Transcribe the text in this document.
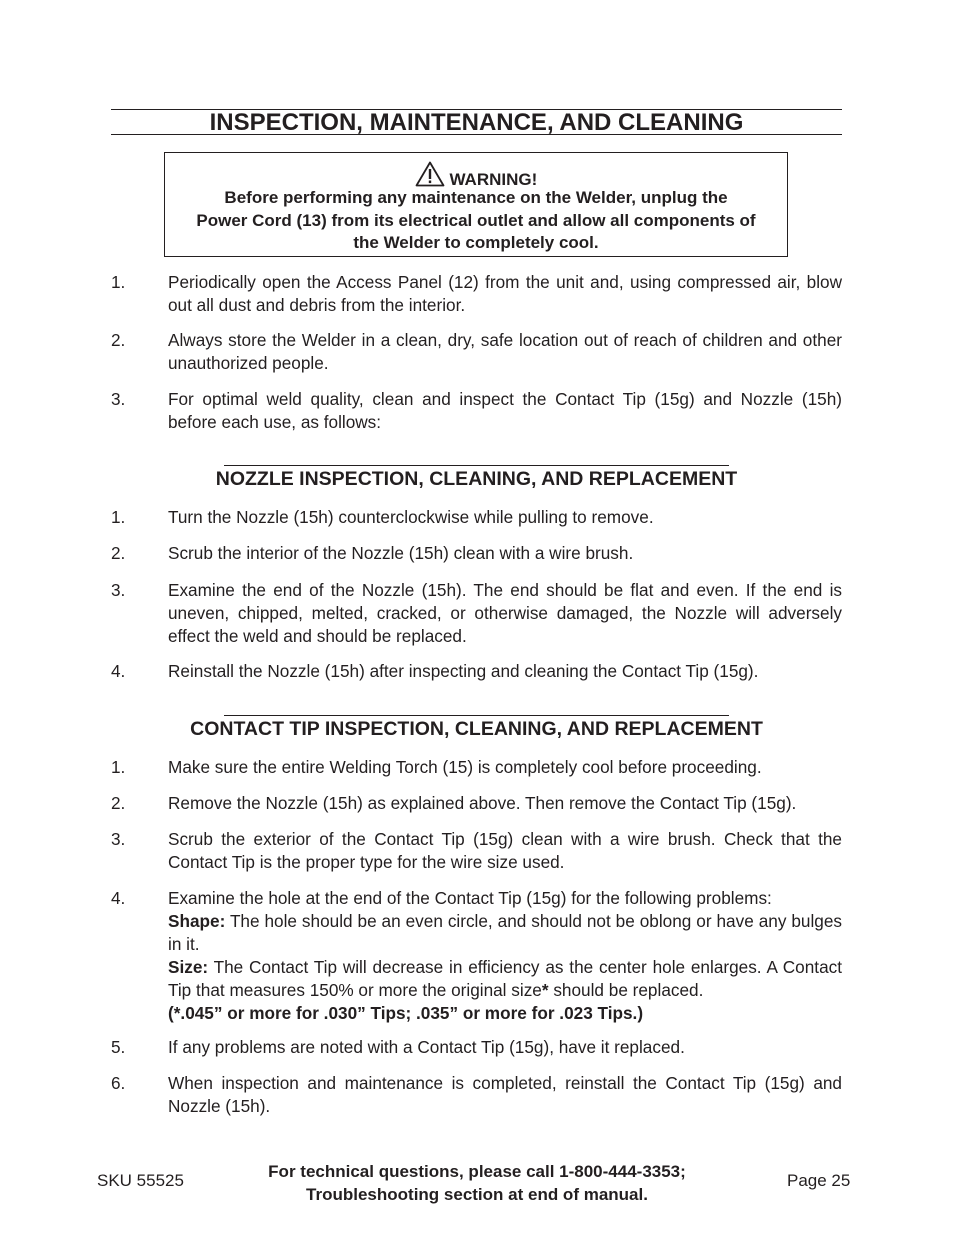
INSPECTION, MAINTENANCE, AND CLEANING
WARNING!
Before performing any maintenance on the Welder, unplug the
Power Cord (13) from its electrical outlet and allow all components of
the Welder to completely cool.
1.	Periodically open the Access Panel (12) from the unit and, using compressed air, blow out all dust and debris from the interior.
2.	Always store the Welder in a clean, dry, safe location out of reach of children and other unauthorized people.
3.	For optimal weld quality, clean and inspect the Contact Tip (15g) and Nozzle (15h) before each use, as follows:
NOZZLE INSPECTION, CLEANING, AND REPLACEMENT
1.	Turn the Nozzle (15h) counterclockwise while pulling to remove.
2.	Scrub the interior of the Nozzle (15h) clean with a wire brush.
3.	Examine the end of the Nozzle (15h). The end should be flat and even. If the end is uneven, chipped, melted, cracked, or otherwise damaged, the Nozzle will adversely effect the weld and should be replaced.
4.	Reinstall the Nozzle (15h) after inspecting and cleaning the Contact Tip (15g).
CONTACT TIP INSPECTION, CLEANING, AND REPLACEMENT
1.	Make sure the entire Welding Torch (15) is completely cool before proceeding.
2.	Remove the Nozzle (15h) as explained above. Then remove the Contact Tip (15g).
3.	Scrub the exterior of the Contact Tip (15g) clean with a wire brush. Check that the Contact Tip is the proper type for the wire size used.
4.	Examine the hole at the end of the Contact Tip (15g) for the following problems:
Shape: The hole should be an even circle, and should not be oblong or have any bulges in it.
Size: The Contact Tip will decrease in efficiency as the center hole enlarges. A Contact Tip that measures 150% or more the original size* should be replaced.
(*.045” or more for .030” Tips; .035” or more for .023 Tips.)
5.	If any problems are noted with a Contact Tip (15g), have it replaced.
6.	When inspection and maintenance is completed, reinstall the Contact Tip (15g) and Nozzle (15h).
SKU 55525	For technical questions, please call 1-800-444-3353;
Troubleshooting section at end of manual.
Page 25
